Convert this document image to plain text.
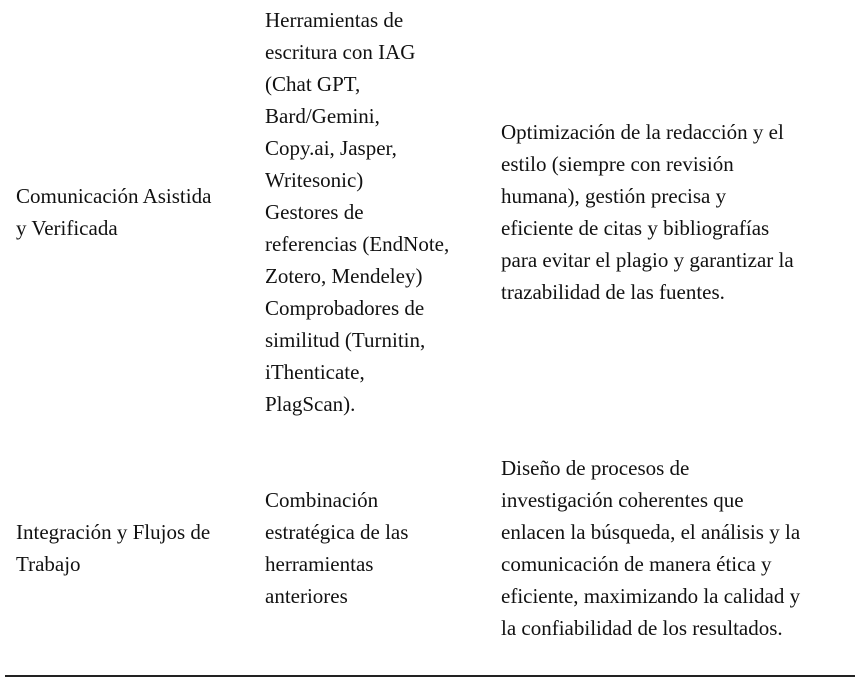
Comunicación Asistida
y Verificada
Herramientas de
escritura con IAG
(Chat GPT,
Bard/Gemini,
Copy.ai, Jasper,
Writesonic)
Gestores de
referencias (EndNote,
Zotero, Mendeley)
Comprobadores de
similitud (Turnitin,
iThenticate,
PlagScan).
Optimización de la redacción y el
estilo (siempre con revisión
humana), gestión precisa y
eficiente de citas y bibliografías
para evitar el plagio y garantizar la
trazabilidad de las fuentes.
Integración y Flujos de
Trabajo
Combinación
estratégica de las
herramientas
anteriores
Diseño de procesos de
investigación coherentes que
enlacen la búsqueda, el análisis y la
comunicación de manera ética y
eficiente, maximizando la calidad y
la confiabilidad de los resultados.
